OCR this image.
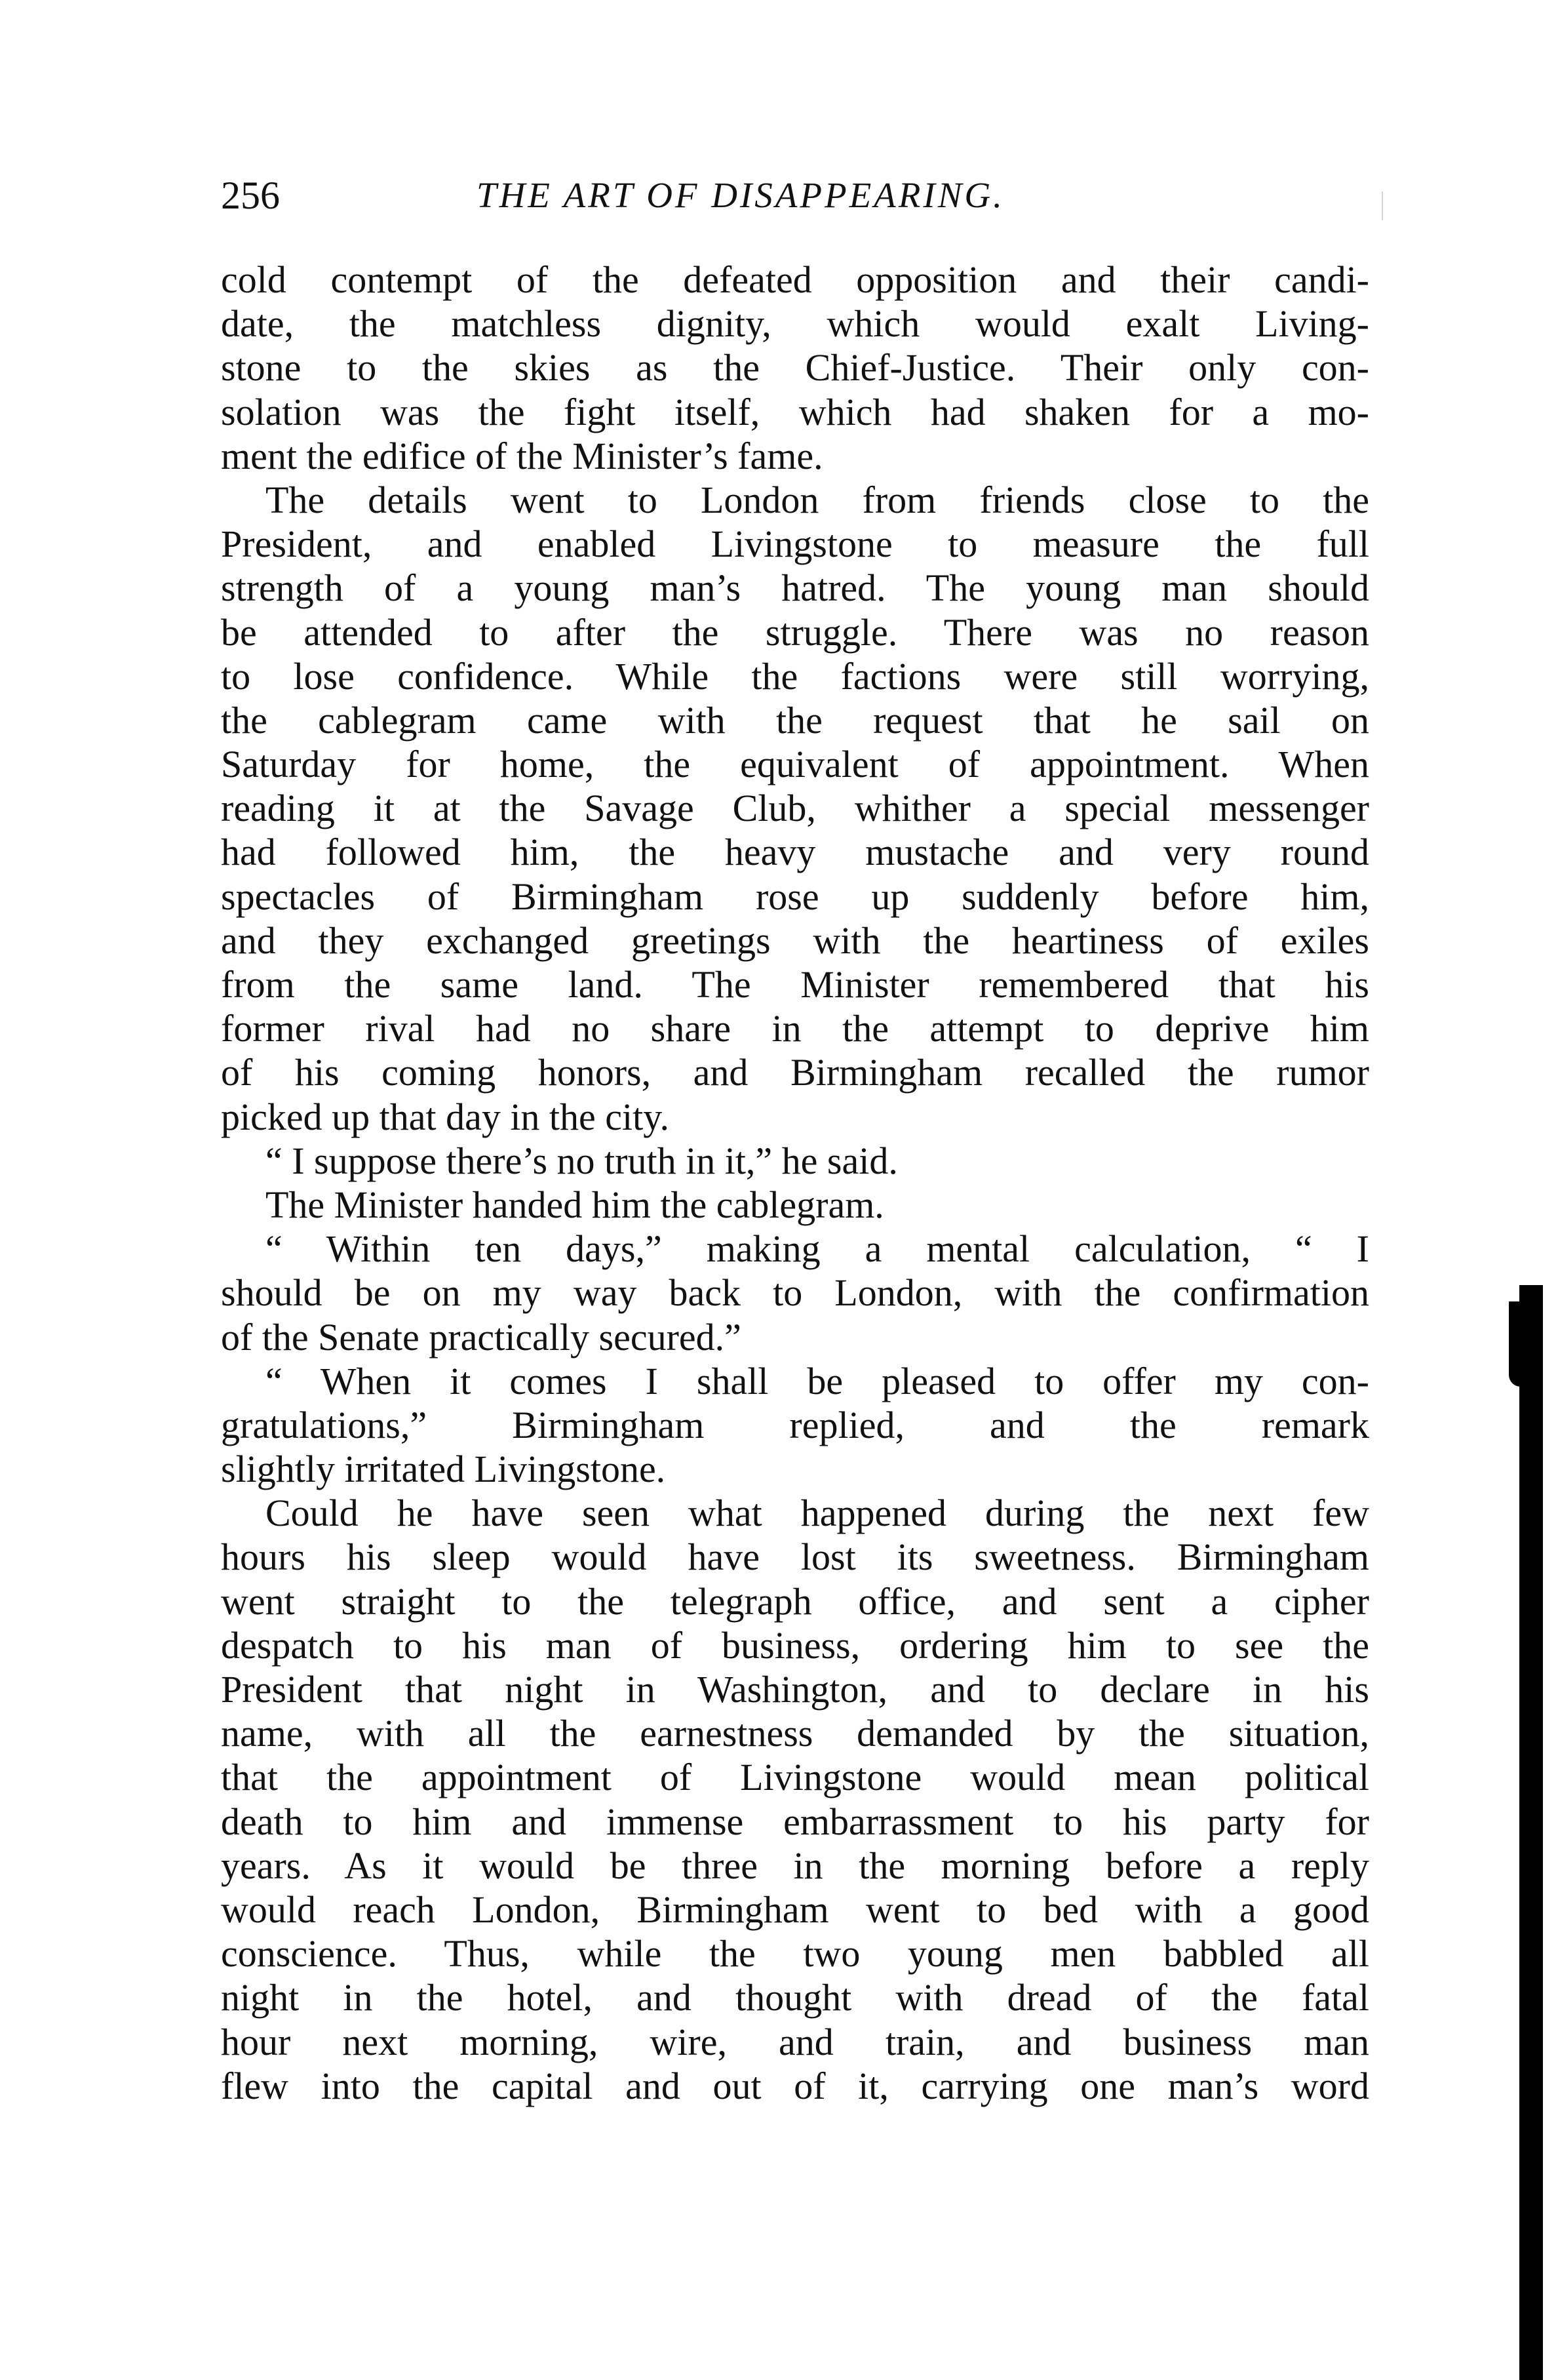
256	THE ART OF DISAPPEARING.
cold contempt of the defeated opposition and their candi-
date, the matchless dignity, which would exalt Living-
stone to the skies as the Chief-Justice. Their only con-
solation was the fight itself, which had shaken for a mo-
ment the edifice of the Minister’s fame.
The details went to London from friends close to the
President, and enabled Livingstone to measure the full
strength of a young man’s hatred. The young man should
be attended to after the struggle. There was no reason
to lose confidence. While the factions were still worrying,
the cablegram came with the request that he sail on
Saturday for home, the equivalent of appointment. When
reading it at the Savage Club, whither a special messenger
had followed him, the heavy mustache and very round
spectacles of Birmingham rose up suddenly before him,
and they exchanged greetings with the heartiness of exiles
from the same land. The Minister remembered that his
former rival had no share in the attempt to deprive him
of his coming honors, and Birmingham recalled the rumor
picked up that day in the city.
“ I suppose there’s no truth in it,” he said.
The Minister handed him the cablegram.
“ Within ten days,” making a mental calculation, “ I
should be on my way back to London, with the confirmation
of the Senate practically secured.”
“ When it comes I shall be pleased to offer my con-
gratulations,” Birmingham replied, and the remark
slightly irritated Livingstone.
Could he have seen what happened during the next few
hours his sleep would have lost its sweetness. Birmingham
went straight to the telegraph office, and sent a cipher
despatch to his man of business, ordering him to see the
President that night in Washington, and to declare in his
name, with all the earnestness demanded by the situation,
that the appointment of Livingstone would mean political
death to him and immense embarrassment to his party for
years. As it would be three in the morning before a reply
would reach London, Birmingham went to bed with a good
conscience. Thus, while the two young men babbled all
night in the hotel, and thought with dread of the fatal
hour next morning, wire, and train, and business man
flew into the capital and out of it, carrying one man’s word
